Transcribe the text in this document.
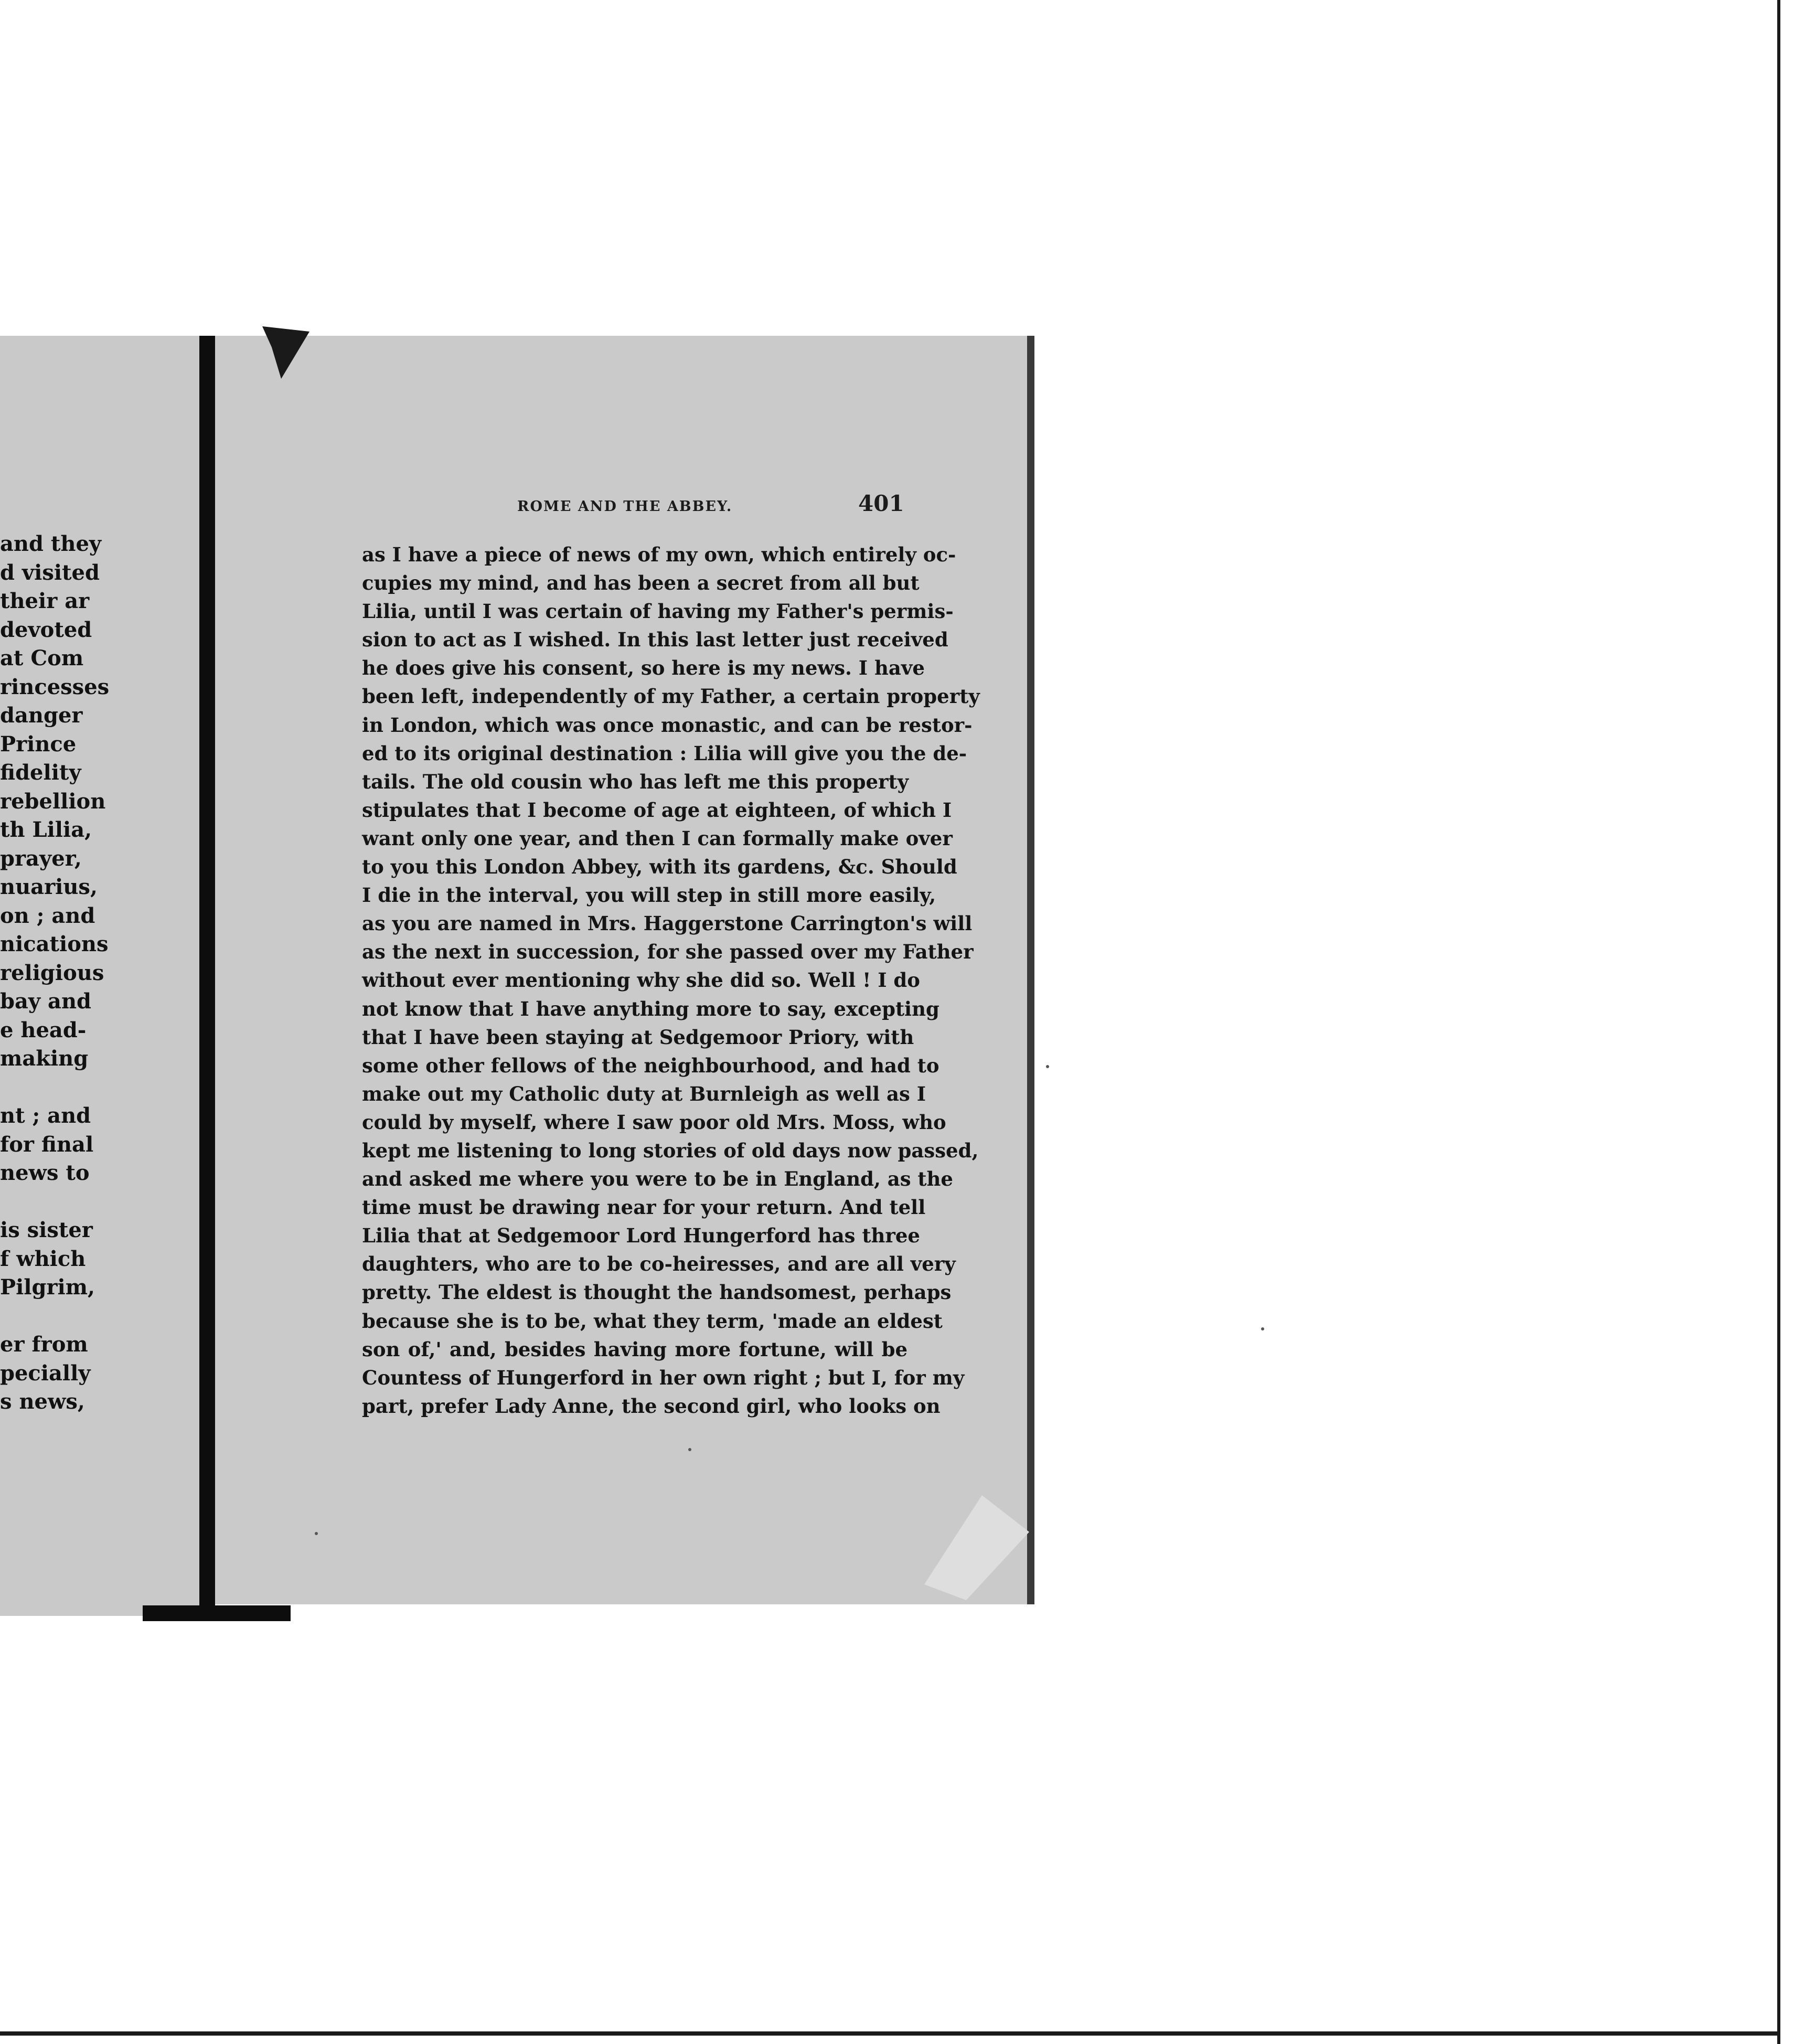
and they
d visited
their ar
devoted
at Com
rincesses
danger
Prince
fidelity
rebellion
th Lilia,
prayer,
nuarius,
on ; and
nications
religious
bay and
e head-
making
nt ; and
for final
news to
is sister
f which
Pilgrim,
er from
pecially
s news,
ROME AND THE ABBEY.	401
as I have a piece of news of my own, which entirely oc-
cupies my mind, and has been a secret from all but
Lilia, until I was certain of having my Father's permis-
sion to act as I wished. In this last letter just received
he does give his consent, so here is my news. I have
been left, independently of my Father, a certain property
in London, which was once monastic, and can be restor-
ed to its original destination : Lilia will give you the de-
tails. The old cousin who has left me this property
stipulates that I become of age at eighteen, of which I
want only one year, and then I can formally make over
to you this London Abbey, with its gardens, &c. Should
I die in the interval, you will step in still more easily,
as you are named in Mrs. Haggerstone Carrington's will
as the next in succession, for she passed over my Father
without ever mentioning why she did so. Well ! I do
not know that I have anything more to say, excepting
that I have been staying at Sedgemoor Priory, with
some other fellows of the neighbourhood, and had to
make out my Catholic duty at Burnleigh as well as I
could by myself, where I saw poor old Mrs. Moss, who
kept me listening to long stories of old days now passed,
and asked me where you were to be in England, as the
time must be drawing near for your return. And tell
Lilia that at Sedgemoor Lord Hungerford has three
daughters, who are to be co-heiresses, and are all very
pretty. The eldest is thought the handsomest, perhaps
because she is to be, what they term, 'made an eldest
son of,' and, besides having more fortune, will be
Countess of Hungerford in her own right ; but I, for my
part, prefer Lady Anne, the second girl, who looks on
